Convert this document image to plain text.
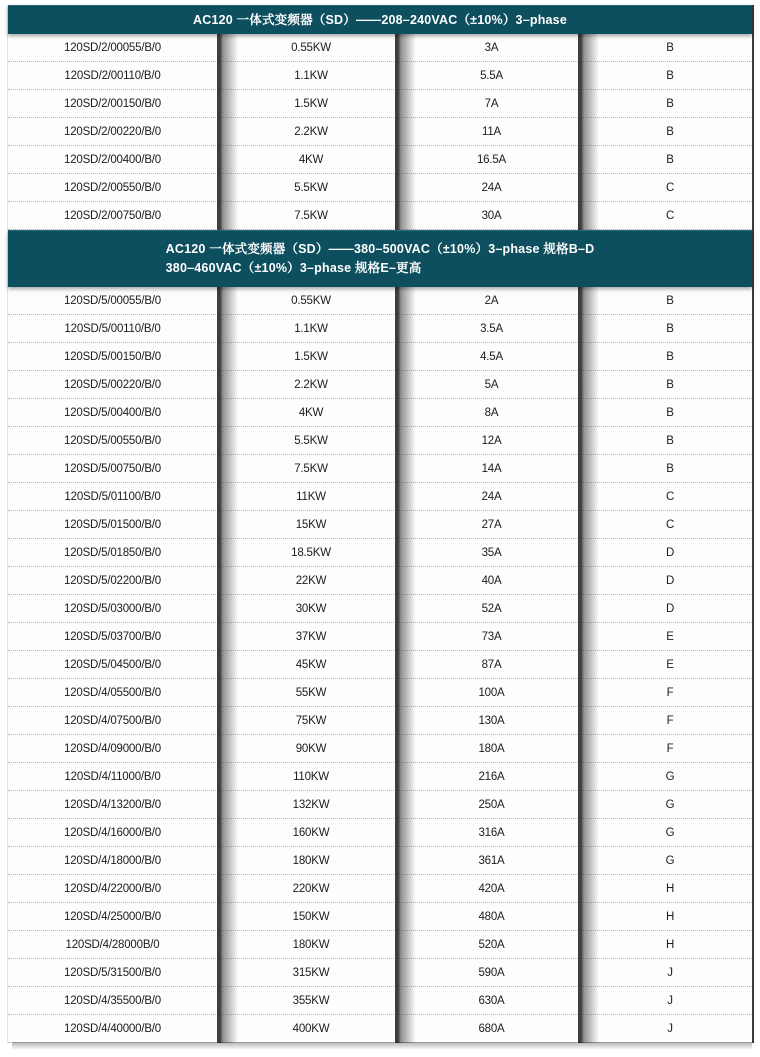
AC120 一体式变频器（SD）——208–240VAC（±10%）3–phase
120SD/2/00055/B/0	0.55KW	3A	B
120SD/2/00110/B/0	1.1KW	5.5A	B
120SD/2/00150/B/0	1.5KW	7A	B
120SD/2/00220/B/0	2.2KW	11A	B
120SD/2/00400/B/0	4KW	16.5A	B
120SD/2/00550/B/0	5.5KW	24A	C
120SD/2/00750/B/0	7.5KW	30A	C
AC120 一体式变频器（SD）——380–500VAC（±10%）3–phase 规格B–D
380–460VAC（±10%）3–phase 规格E–更高
120SD/5/00055/B/0	0.55KW	2A	B
120SD/5/00110/B/0	1.1KW	3.5A	B
120SD/5/00150/B/0	1.5KW	4.5A	B
120SD/5/00220/B/0	2.2KW	5A	B
120SD/5/00400/B/0	4KW	8A	B
120SD/5/00550/B/0	5.5KW	12A	B
120SD/5/00750/B/0	7.5KW	14A	B
120SD/5/01100/B/0	11KW	24A	C
120SD/5/01500/B/0	15KW	27A	C
120SD/5/01850/B/0	18.5KW	35A	D
120SD/5/02200/B/0	22KW	40A	D
120SD/5/03000/B/0	30KW	52A	D
120SD/5/03700/B/0	37KW	73A	E
120SD/5/04500/B/0	45KW	87A	E
120SD/4/05500/B/0	55KW	100A	F
120SD/4/07500/B/0	75KW	130A	F
120SD/4/09000/B/0	90KW	180A	F
120SD/4/11000/B/0	110KW	216A	G
120SD/4/13200/B/0	132KW	250A	G
120SD/4/16000/B/0	160KW	316A	G
120SD/4/18000/B/0	180KW	361A	G
120SD/4/22000/B/0	220KW	420A	H
120SD/4/25000/B/0	150KW	480A	H
120SD/4/28000B/0	180KW	520A	H
120SD/5/31500/B/0	315KW	590A	J
120SD/4/35500/B/0	355KW	630A	J
120SD/4/40000/B/0	400KW	680A	J
